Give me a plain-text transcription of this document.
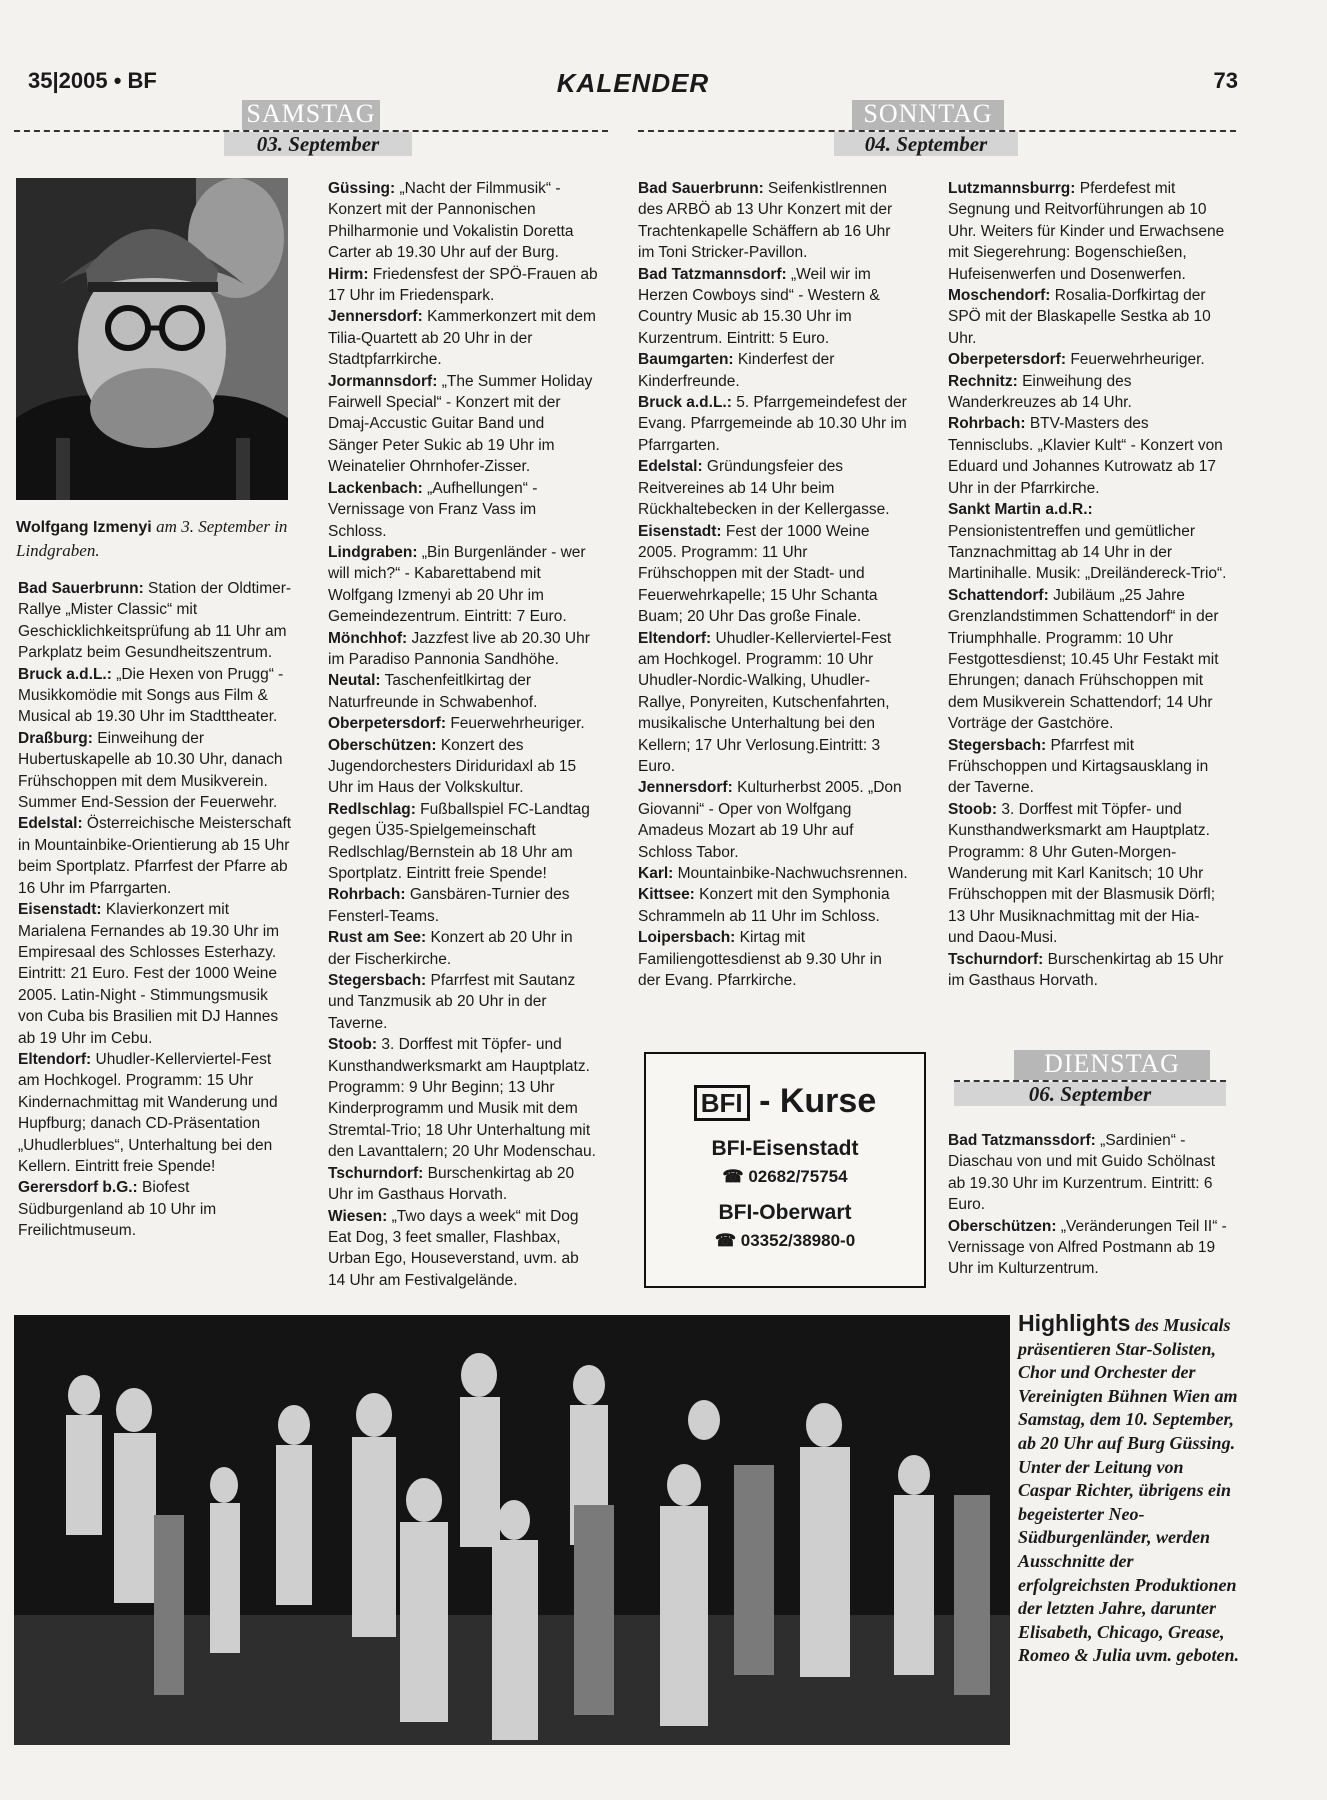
35|2005 • BF	KALENDER	73
SAMSTAG
03. September
SONNTAG
04. September
Wolfgang Izmenyi am 3. September in Lindgraben.

Bad Sauerbrunn: Station der Oldtimer-Rallye „Mister Classic“ mit Geschicklichkeitsprüfung ab 11 Uhr am Parkplatz beim Gesundheitszentrum.

Bruck a.d.L.: „Die Hexen von Prugg“ - Musikkomödie mit Songs aus Film & Musical ab 19.30 Uhr im Stadttheater.

Draßburg: Einweihung der Hubertuskapelle ab 10.30 Uhr, danach Frühschoppen mit dem Musikverein. Summer End-Session der Feuerwehr.

Edelstal: Österreichische Meisterschaft in Mountainbike-Orientierung ab 15 Uhr beim Sportplatz. Pfarrfest der Pfarre ab 16 Uhr im Pfarrgarten.

Eisenstadt: Klavierkonzert mit Marialena Fernandes ab 19.30 Uhr im Empiresaal des Schlosses Esterhazy. Eintritt: 21 Euro. Fest der 1000 Weine 2005. Latin-Night - Stimmungsmusik von Cuba bis Brasilien mit DJ Hannes ab 19 Uhr im Cebu.

Eltendorf: Uhudler-Kellerviertel-Fest am Hochkogel. Programm: 15 Uhr Kindernachmittag mit Wanderung und Hupfburg; danach CD-Präsentation „Uhudlerblues“, Unterhaltung bei den Kellern. Eintritt freie Spende!

Gerersdorf b.G.: Biofest Südburgenland ab 10 Uhr im Freilichtmuseum.

Güssing: „Nacht der Filmmusik“ - Konzert mit der Pannonischen Philharmonie und Vokalistin Doretta Carter ab 19.30 Uhr auf der Burg.

Hirm: Friedensfest der SPÖ-Frauen ab 17 Uhr im Friedenspark.

Jennersdorf: Kammerkonzert mit dem Tilia-Quartett ab 20 Uhr in der Stadtpfarrkirche.

Jormannsdorf: „The Summer Holiday Fairwell Special“ - Konzert mit der Dmaj-Accustic Guitar Band und Sänger Peter Sukic ab 19 Uhr im Weinatelier Ohrnhofer-Zisser.

Lackenbach: „Aufhellungen“ - Vernissage von Franz Vass im Schloss.

Lindgraben: „Bin Burgenländer - wer will mich?“ - Kabarettabend mit Wolfgang Izmenyi ab 20 Uhr im Gemeindezentrum. Eintritt: 7 Euro.

Mönchhof: Jazzfest live ab 20.30 Uhr im Paradiso Pannonia Sandhöhe.

Neutal: Taschenfeitlkirtag der Naturfreunde in Schwabenhof.

Oberpetersdorf: Feuerwehrheuriger.

Oberschützen: Konzert des Jugendorchesters Diriduridaxl ab 15 Uhr im Haus der Volkskultur.

Redlschlag: Fußballspiel FC-Landtag gegen Ü35-Spielgemeinschaft Redlschlag/Bernstein ab 18 Uhr am Sportplatz. Eintritt freie Spende!

Rohrbach: Gansbären-Turnier des Fensterl-Teams.

Rust am See: Konzert ab 20 Uhr in der Fischerkirche.

Stegersbach: Pfarrfest mit Sautanz und Tanzmusik ab 20 Uhr in der Taverne.

Stoob: 3. Dorffest mit Töpfer- und Kunsthandwerksmarkt am Hauptplatz. Programm: 9 Uhr Beginn; 13 Uhr Kinderprogramm und Musik mit dem Stremtal-Trio; 18 Uhr Unterhaltung mit den Lavanttalern; 20 Uhr Modenschau.

Tschurndorf: Burschenkirtag ab 20 Uhr im Gasthaus Horvath.

Wiesen: „Two days a week“ mit Dog Eat Dog, 3 feet smaller, Flashbax, Urban Ego, Houseverstand, uvm. ab 14 Uhr am Festivalgelände.

Bad Sauerbrunn: Seifenkistlrennen des ARBÖ ab 13 Uhr Konzert mit der Trachtenkapelle Schäffern ab 16 Uhr im Toni Stricker-Pavillon.

Bad Tatzmannsdorf: „Weil wir im Herzen Cowboys sind“ - Western & Country Music ab 15.30 Uhr im Kurzentrum. Eintritt: 5 Euro.

Baumgarten: Kinderfest der Kinderfreunde.

Bruck a.d.L.: 5. Pfarrgemeindefest der Evang. Pfarrgemeinde ab 10.30 Uhr im Pfarrgarten.

Edelstal: Gründungsfeier des Reitvereines ab 14 Uhr beim Rückhaltebecken in der Kellergasse.

Eisenstadt: Fest der 1000 Weine 2005. Programm: 11 Uhr Frühschoppen mit der Stadt- und Feuerwehrkapelle; 15 Uhr Schanta Buam; 20 Uhr Das große Finale.

Eltendorf: Uhudler-Kellerviertel-Fest am Hochkogel. Programm: 10 Uhr Uhudler-Nordic-Walking, Uhudler-Rallye, Ponyreiten, Kutschenfahrten, musikalische Unterhaltung bei den Kellern; 17 Uhr Verlosung.Eintritt: 3 Euro.

Jennersdorf: Kulturherbst 2005. „Don Giovanni“ - Oper von Wolfgang Amadeus Mozart ab 19 Uhr auf Schloss Tabor.

Karl: Mountainbike-Nachwuchsrennen.

Kittsee: Konzert mit den Symphonia Schrammeln ab 11 Uhr im Schloss.

Loipersbach: Kirtag mit Familiengottesdienst ab 9.30 Uhr in der Evang. Pfarrkirche.

Lutzmannsburrg: Pferdefest mit Segnung und Reitvorführungen ab 10 Uhr. Weiters für Kinder und Erwachsene mit Siegerehrung: Bogenschießen, Hufeisenwerfen und Dosenwerfen.

Moschendorf: Rosalia-Dorfkirtag der SPÖ mit der Blaskapelle Sestka ab 10 Uhr.

Oberpetersdorf: Feuerwehrheuriger.

Rechnitz: Einweihung des Wanderkreuzes ab 14 Uhr.

Rohrbach: BTV-Masters des Tennisclubs. „Klavier Kult“ - Konzert von Eduard und Johannes Kutrowatz ab 17 Uhr in der Pfarrkirche.

Sankt Martin a.d.R.: Pensionistentreffen und gemütlicher Tanznachmittag ab 14 Uhr in der Martinihalle. Musik: „Dreiländereck-Trio“.

Schattendorf: Jubiläum „25 Jahre Grenzlandstimmen Schattendorf“ in der Triumphhalle. Programm: 10 Uhr Festgottesdienst; 10.45 Uhr Festakt mit Ehrungen; danach Frühschoppen mit dem Musikverein Schattendorf; 14 Uhr Vorträge der Gastchöre.

Stegersbach: Pfarrfest mit Frühschoppen und Kirtagsausklang in der Taverne.

Stoob: 3. Dorffest mit Töpfer- und Kunsthandwerksmarkt am Hauptplatz. Programm: 8 Uhr Guten-Morgen-Wanderung mit Karl Kanitsch; 10 Uhr Frühschoppen mit der Blasmusik Dörfl; 13 Uhr Musiknachmittag mit der Hia- und Daou-Musi.

Tschurndorf: Burschenkirtag ab 15 Uhr im Gasthaus Horvath.

DIENSTAG
06. September

Bad Tatzmanssdorf: „Sardinien“ - Diaschau von und mit Guido Schölnast ab 19.30 Uhr im Kurzentrum. Eintritt: 6 Euro.

Oberschützen: „Veränderungen Teil II“ - Vernissage von Alfred Postmann ab 19 Uhr im Kulturzentrum.

BFI - Kurse
BFI-Eisenstadt
☎ 02682/75754
BFI-Oberwart
☎ 03352/38980-0
Highlights des Musicals präsentieren Star-Solisten, Chor und Orchester der Vereinigten Bühnen Wien am Samstag, dem 10. September, ab 20 Uhr auf Burg Güssing. Unter der Leitung von Caspar Richter, übrigens ein begeisterter Neo-Südburgenländer, werden Ausschnitte der erfolgreichsten Produktionen der letzten Jahre, darunter Elisabeth, Chicago, Grease, Romeo & Julia uvm. geboten.
